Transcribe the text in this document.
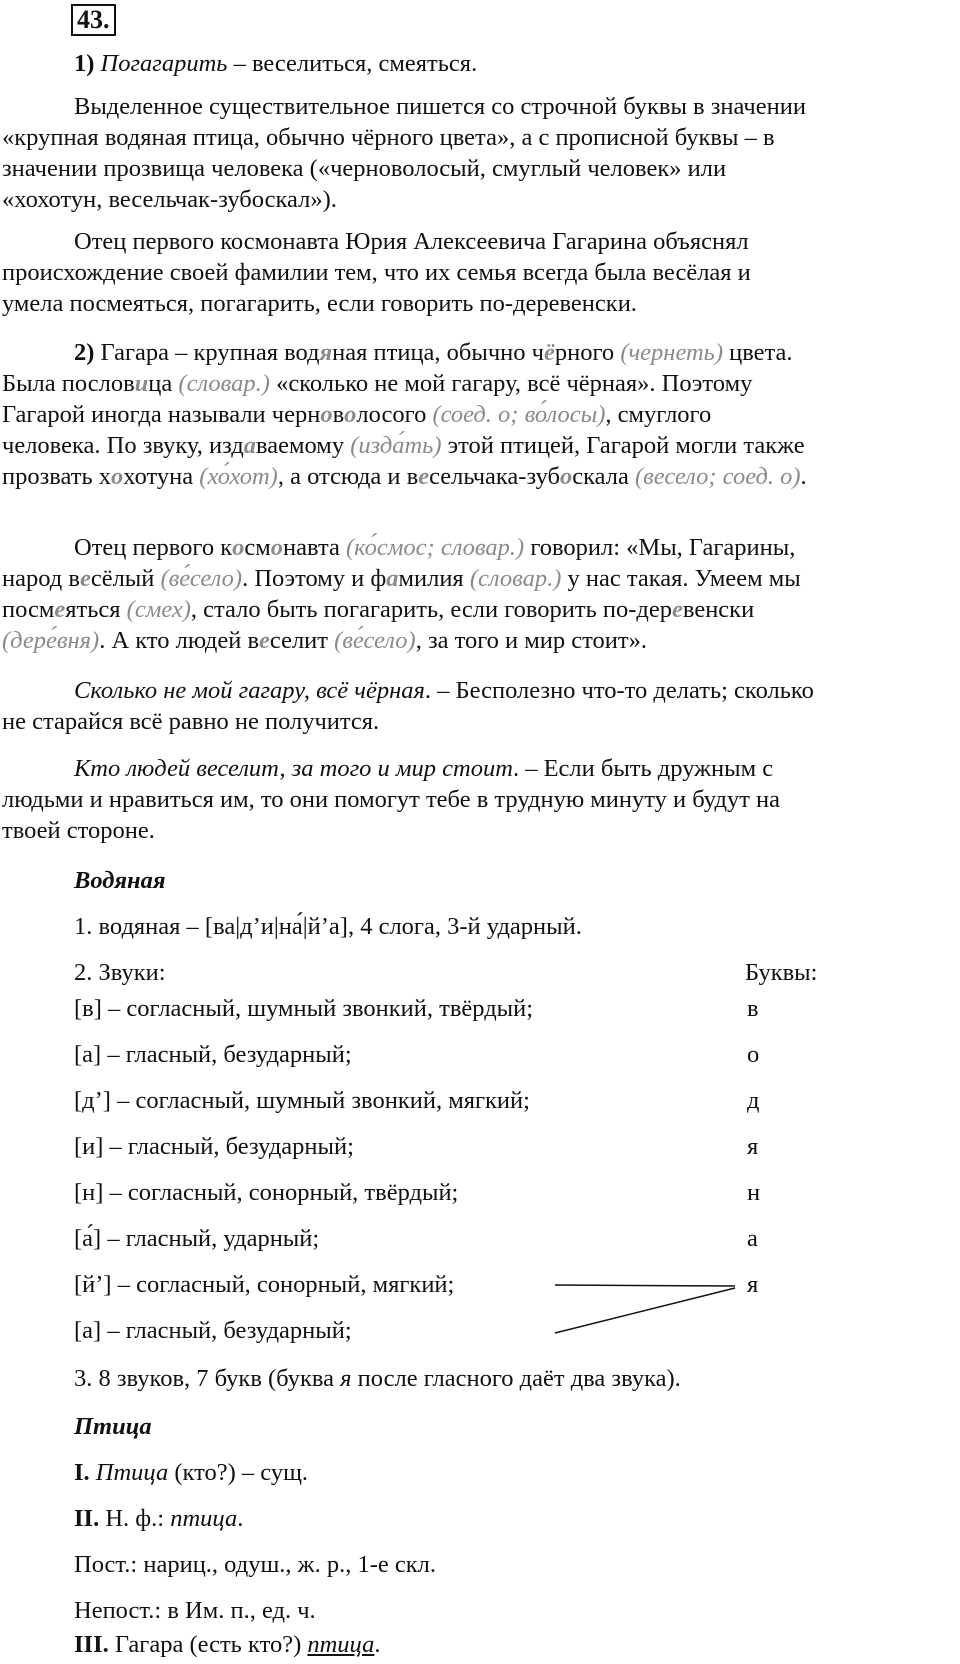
43.
1) Погагарить – веселиться, смеяться.
Выделенное существительное пишется со строчной буквы в значении
«крупная водяная птица, обычно чёрного цвета», а с прописной буквы – в
значении прозвища человека («черноволосый, смуглый человек» или
«хохотун, весельчак-зубоскал»).
Отец первого космонавта Юрия Алексеевича Гагарина объяснял
происхождение своей фамилии тем, что их семья всегда была весёлая и
умела посмеяться, погагарить, если говорить по-деревенски.
2) Гагара – крупная водяная птица, обычно чёрного (чернеть) цвета.
Была пословица (словар.) «сколько не мой гагару, всё чёрная». Поэтому
Гагарой иногда называли черноволосого (соед. о; во́лосы), смуглого
человека. По звуку, издаваемому (изда́ть) этой птицей, Гагарой могли также
прозвать хохотуна (хо́хот), а отсюда и весельчака-зубоскала (весело; соед. о).
Отец первого космонавта (ко́смос; словар.) говорил: «Мы, Гагарины,
народ весёлый (ве́село). Поэтому и фамилия (словар.) у нас такая. Умеем мы
посмеяться (смех), стало быть погагарить, если говорить по-деревенски
(дере́вня). А кто людей веселит (ве́село), за того и мир стоит».
Сколько не мой гагару, всё чёрная. – Бесполезно что-то делать; сколько
не старайся всё равно не получится.
Кто людей веселит, за того и мир стоит. – Если быть дружным с
людьми и нравиться им, то они помогут тебе в трудную минуту и будут на
твоей стороне.
Водяная
1. водяная – [ва|д’и|на́|й’а], 4 слога, 3-й ударный.
2. Звуки:	Буквы:
[в] – согласный, шумный звонкий, твёрдый;	в
[а] – гласный, безударный;	о
[д’] – согласный, шумный звонкий, мягкий;	д
[и] – гласный, безударный;	я
[н] – согласный, сонорный, твёрдый;	н
[а́] – гласный, ударный;	а
[й’] – согласный, сонорный, мягкий;	я
[а] – гласный, безударный;
3. 8 звуков, 7 букв (буква я после гласного даёт два звука).
Птица
I. Птица (кто?) – сущ.
II. Н. ф.: птица.
Пост.: нариц., одуш., ж. р., 1-е скл.
Непост.: в Им. п., ед. ч.
III. Гагара (есть кто?) птица.
